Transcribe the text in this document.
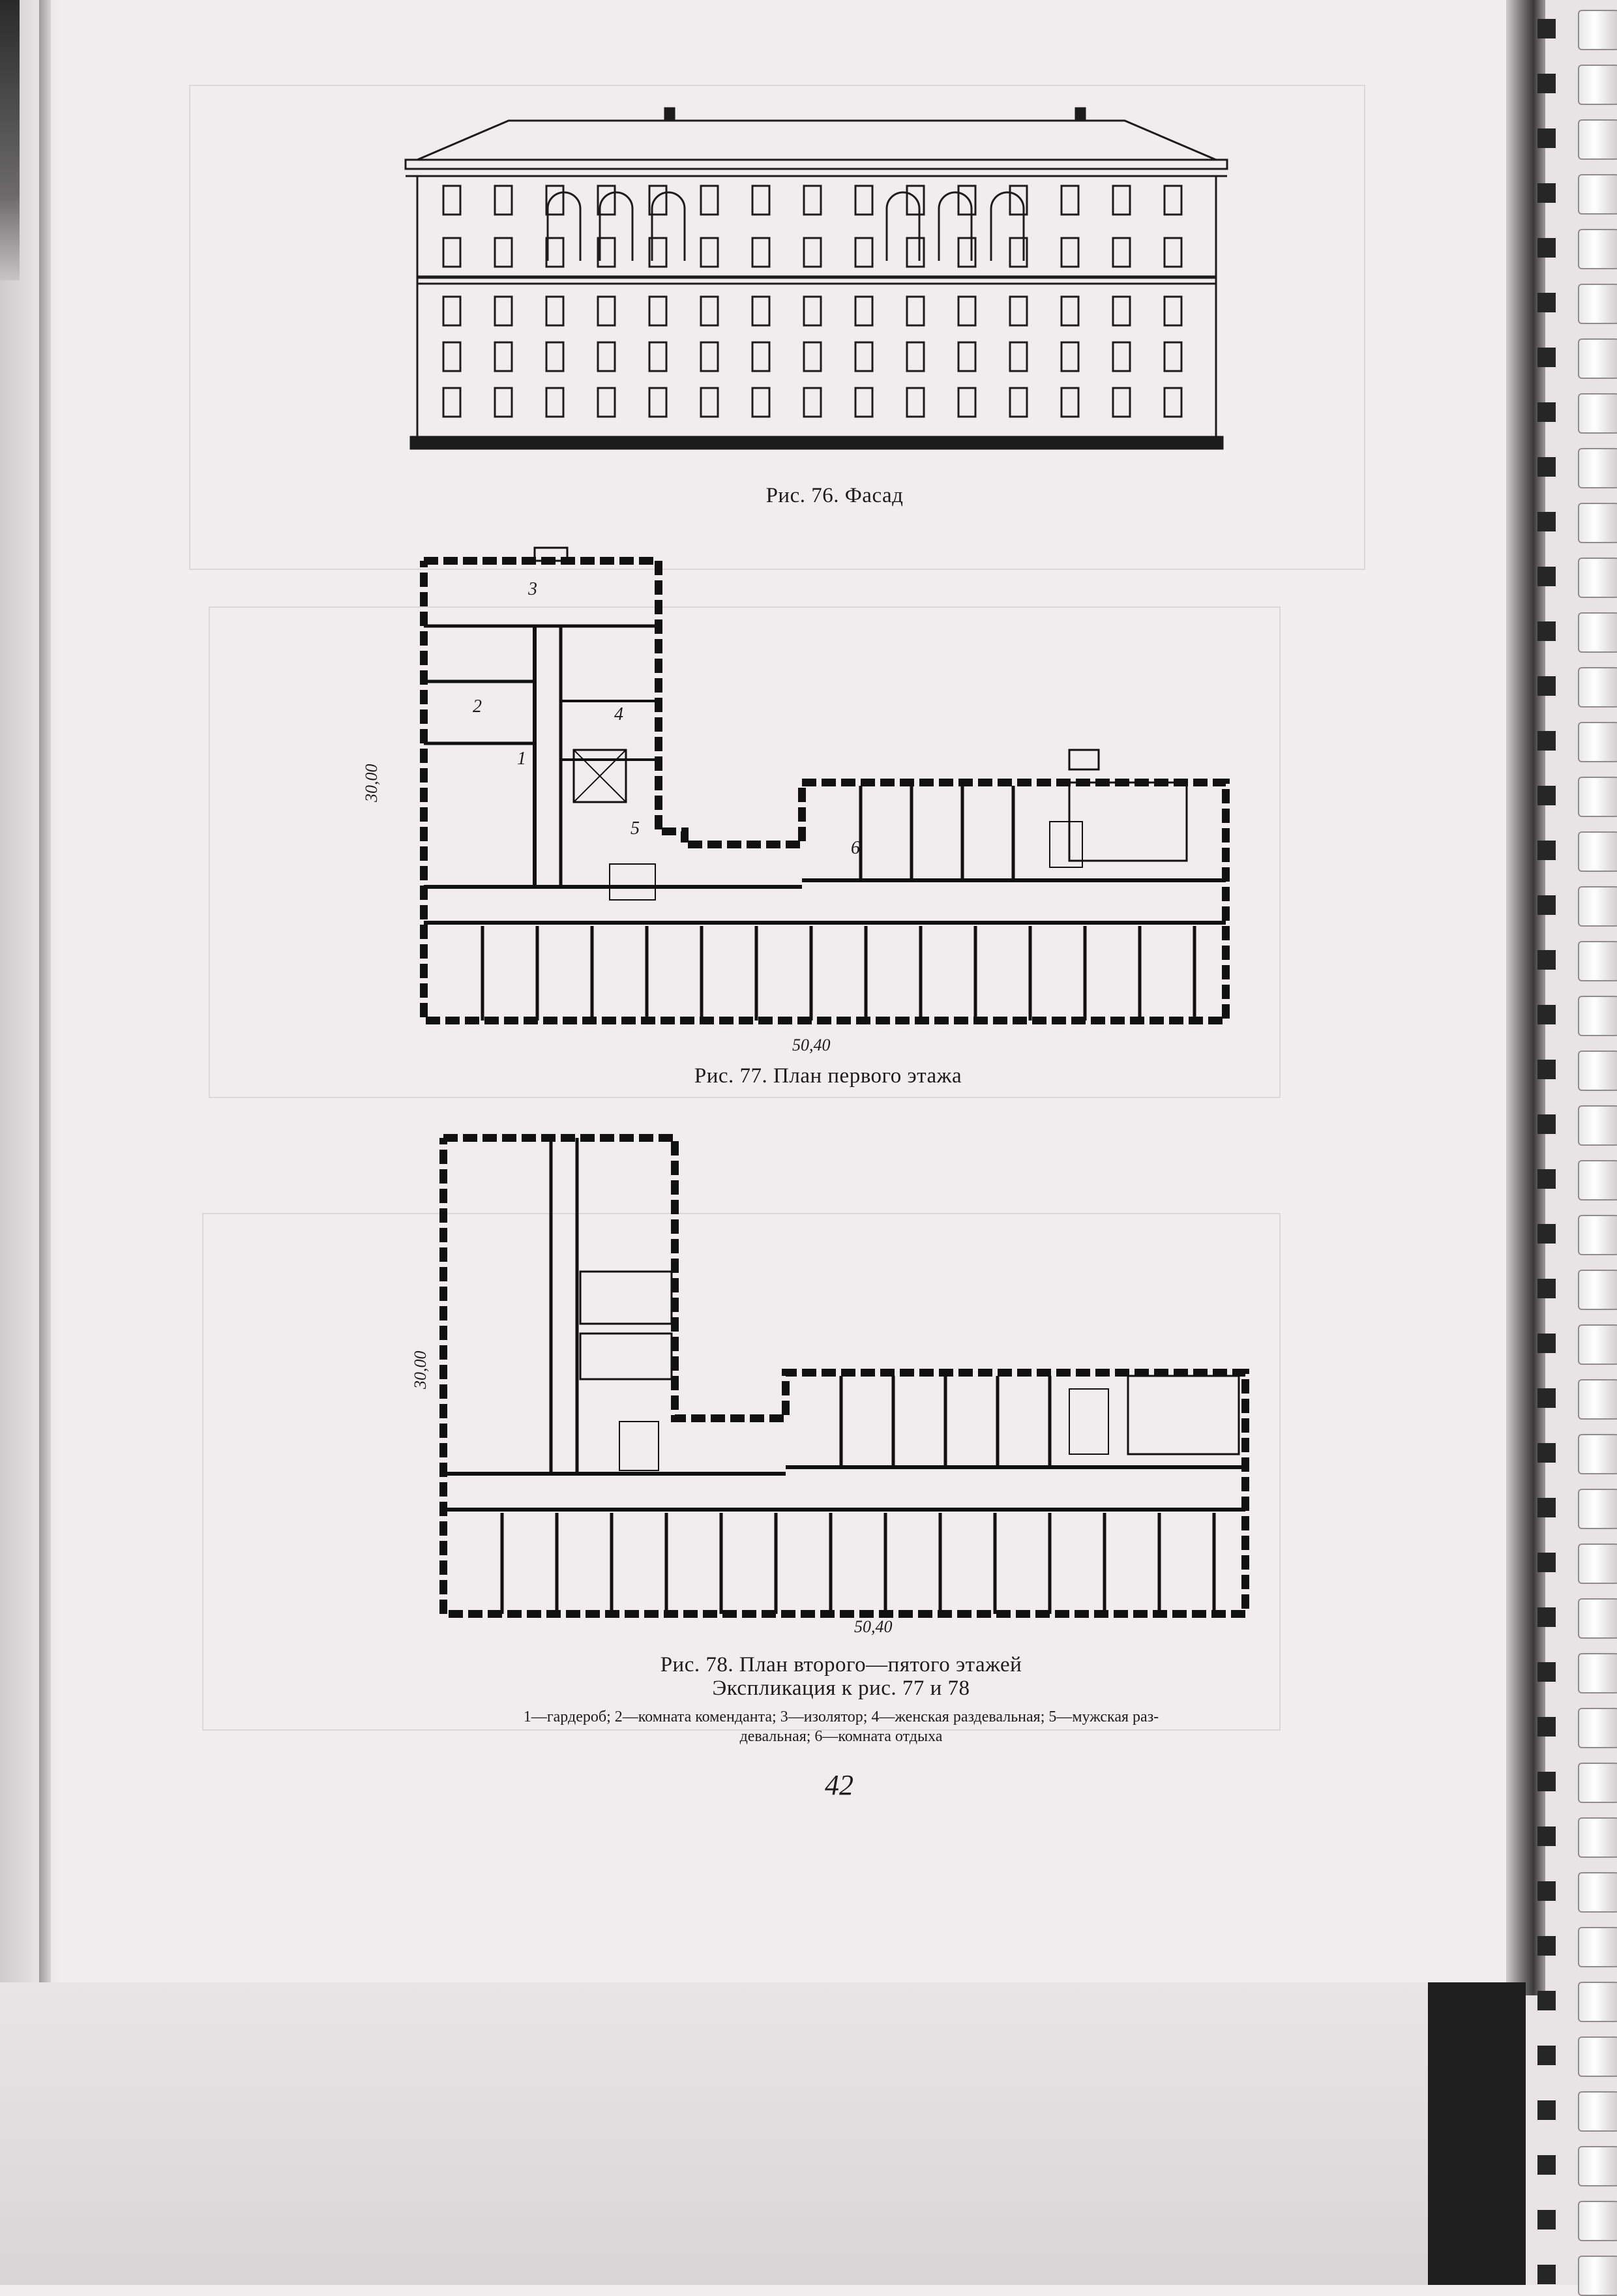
Рис. 76. Фасад
1
2
3
4
5
6
30,00
50,40
Рис. 77. План первого этажа
30,00
50,40
Рис. 78. План второго—пятого этажей
Экспликация к рис. 77 и 78
1—гардероб; 2—комната коменданта; 3—изолятор; 4—женская раздевальная; 5—мужская раз-
девальная; 6—комната отдыха
42
